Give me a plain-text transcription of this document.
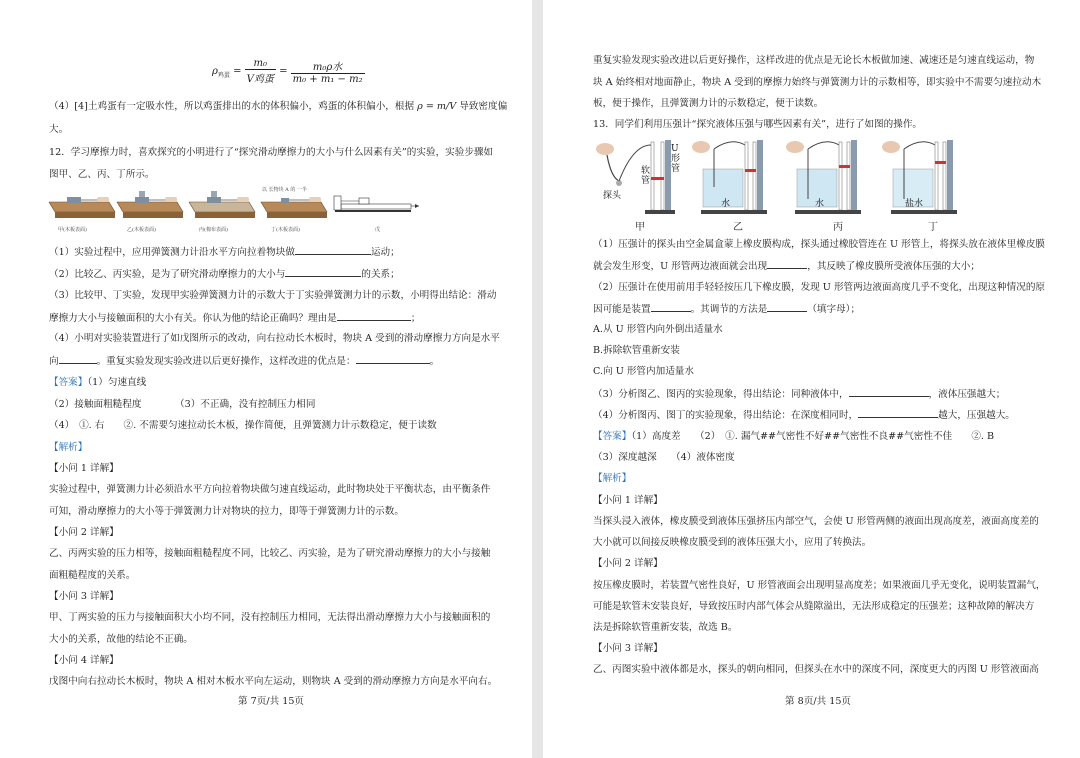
$\rho_{鸡蛋} = \frac{\text{m₀}}{\text{V鸡蛋}} = \frac{\text{m₀ρ水}}{\text{m₀ + m₁ − m₂}}$
（4）[4]土鸡蛋有一定吸水性，所以鸡蛋排出的水的体积偏小，鸡蛋的体积偏小，根据 ρ = m/V 导致密度偏
大。
12．学习摩擦力时，喜欢探究的小明进行了“探究滑动摩擦力的大小与什么因素有关”的实验，实验步骤如
图甲、乙、丙、丁所示。
以 长物块 A 的 一半
甲(木板表面)	乙(木板表面)	丙(棉布表面)	丁(木板表面)	戊
（1）实验过程中，应用弹簧测力计沿水平方向拉着物块做	运动；
（2）比较乙、丙实验，是为了研究滑动摩擦力的大小与	的关系；
（3）比较甲、丁实验，发现甲实验弹簧测力计的示数大于丁实验弹簧测力计的示数，小明得出结论：滑动
摩擦力大小与接触面积的大小有关。你认为他的结论正确吗？理由是	；
（4）小明对实验装置进行了如戊图所示的改动，向右拉动长木板时，物块 A 受到的滑动摩擦力方向是水平
向	。重复实验发现实验改进以后更好操作，这样改进的优点是：	。
【答案】（1）匀速直线
（2）接触面粗糙程度	（3）不正确，没有控制压力相同
（4）　①. 右　　②. 不需要匀速拉动长木板，操作简便，且弹簧测力计示数稳定，便于读数
【解析】
【小问 1 详解】
实验过程中，弹簧测力计必须沿水平方向拉着物块做匀速直线运动，此时物块处于平衡状态，由平衡条件
可知，滑动摩擦力的大小等于弹簧测力计对物块的拉力，即等于弹簧测力计的示数。
【小问 2 详解】
乙、丙两实验的压力相等，接触面粗糙程度不同，比较乙、丙实验，是为了研究滑动摩擦力的大小与接触
面粗糙程度的关系。
【小问 3 详解】
甲、丁两实验的压力与接触面积大小均不同，没有控制压力相同，无法得出滑动摩擦力大小与接触面积的
大小的关系，故他的结论不正确。
【小问 4 详解】
戊图中向右拉动长木板时，物块 A 相对木板水平向左运动，则物块 A 受到的滑动摩擦力方向是水平向右。
第 7页/共 15页
重复实验发现实验改进以后更好操作，这样改进的优点是无论长木板做加速、减速还是匀速直线运动，物
块 A 始终相对地面静止，物块 A 受到的摩擦力始终与弹簧测力计的示数相等，即实验中不需要匀速拉动木
板，便于操作，且弹簧测力计的示数稳定，便于读数。
13．同学们利用压强计“探究液体压强与哪些因素有关”，进行了如图的操作。
U形管
软管
探头
水	水	盐水
甲	乙	丙	丁
（1）压强计的探头由空金属盒蒙上橡皮膜构成，探头通过橡胶管连在 U 形管上，将探头放在液体里橡皮膜
就会发生形变，U 形管两边液面就会出现	，其反映了橡皮膜所受液体压强的大小；
（2）压强计在使用前用手轻轻按压几下橡皮膜，发现 U 形管两边液面高度几乎不变化，出现这种情况的原
因可能是装置	。其调节的方法是	（填字母）；
A.从 U 形管内向外倒出适量水
B.拆除软管重新安装
C.向 U 形管内加适量水
（3）分析图乙、图丙的实验现象，得出结论：同种液体中，	，液体压强越大；
（4）分析图丙、图丁的实验现象，得出结论：在深度相同时，	越大，压强越大。
【答案】（1）高度差　　（2）　①. 漏气##气密性不好##气密性不良##气密性不佳　　②. B
（3）深度越深　　（4）液体密度
【解析】
【小问 1 详解】
当探头浸入液体，橡皮膜受到液体压强挤压内部空气，会使 U 形管两侧的液面出现高度差，液面高度差的
大小就可以间接反映橡皮膜受到的液体压强大小，应用了转换法。
【小问 2 详解】
按压橡皮膜时，若装置气密性良好，U 形管液面会出现明显高度差；如果液面几乎无变化，说明装置漏气，
可能是软管未安装良好，导致按压时内部气体会从缝隙溢出，无法形成稳定的压强差；这种故障的解决方
法是拆除软管重新安装，故选 B。
【小问 3 详解】
乙、丙图实验中液体都是水，探头的朝向相同，但探头在水中的深度不同，深度更大的丙图 U 形管液面高
第 8页/共 15页
